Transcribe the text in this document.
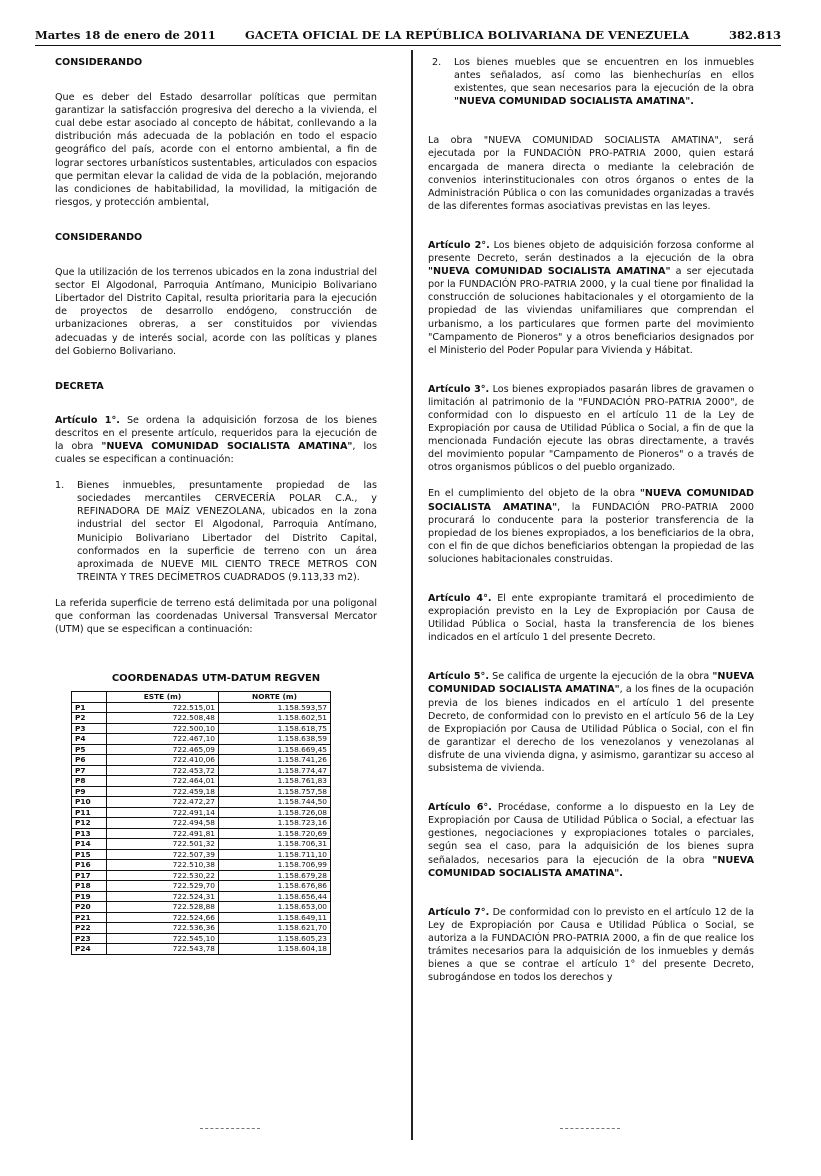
Martes 18 de enero de 2011	GACETA OFICIAL DE LA REPÚBLICA BOLIVARIANA DE VENEZUELA	382.813

CONSIDERANDO

Que es deber del Estado desarrollar políticas que permitan garantizar la satisfacción progresiva del derecho a la vivienda, el cual debe estar asociado al concepto de hábitat, conllevando a la distribución más adecuada de la población en todo el espacio geográfico del país, acorde con el entorno ambiental, a fin de lograr sectores urbanísticos sustentables, articulados con espacios que permitan elevar la calidad de vida de la población, mejorando las condiciones de habitabilidad, la movilidad, la mitigación de riesgos, y protección ambiental,

CONSIDERANDO

Que la utilización de los terrenos ubicados en la zona industrial del sector El Algodonal, Parroquia Antímano, Municipio Bolivariano Libertador del Distrito Capital, resulta prioritaria para la ejecución de proyectos de desarrollo endógeno, construcción de urbanizaciones obreras, a ser constituidos por viviendas adecuadas y de interés social, acorde con las políticas y planes del Gobierno Bolivariano.

DECRETA

Artículo 1°. Se ordena la adquisición forzosa de los bienes descritos en el presente artículo, requeridos para la ejecución de la obra "NUEVA COMUNIDAD SOCIALISTA AMATINA", los cuales se especifican a continuación:

1.	Bienes inmuebles, presuntamente propiedad de las sociedades mercantiles CERVECERÍA POLAR C.A., y REFINADORA DE MAÍZ VENEZOLANA, ubicados en la zona industrial del sector El Algodonal, Parroquia Antímano, Municipio Bolivariano Libertador del Distrito Capital, conformados en la superficie de terreno con un área aproximada de NUEVE MIL CIENTO TRECE METROS CON TREINTA Y TRES DECÍMETROS CUADRADOS (9.113,33 m2).

La referida superficie de terreno está delimitada por una poligonal que conforman las coordenadas Universal Transversal Mercator (UTM) que se especifican a continuación:

COORDENADAS UTM-DATUM REGVEN
	ESTE (m)	NORTE (m)
P1	722.515,01	1.158.593,57
P2	722.508,48	1.158.602,51
P3	722.500,10	1.158.618,75
P4	722.467,10	1.158.638,59
P5	722.465,09	1.158.669,45
P6	722.410,06	1.158.741,26
P7	722.453,72	1.158.774,47
P8	722.464,01	1.158.761,83
P9	722.459,18	1.158.757,58
P10	722.472,27	1.158.744,50
P11	722.491,14	1.158.726,08
P12	722.494,58	1.158.723,16
P13	722.491,81	1.158.720,69
P14	722.501,32	1.158.706,31
P15	722.507,39	1.158.711,10
P16	722.510,38	1.158.706,99
P17	722.530,22	1.158.679,28
P18	722.529,70	1.158.676,86
P19	722.524,31	1.158.656,44
P20	722.528,88	1.158.653,00
P21	722.524,66	1.158.649,11
P22	722.536,36	1.158.621,70
P23	722.545,10	1.158.605,23
P24	722.543,78	1.158.604,18
2.	Los bienes muebles que se encuentren en los inmuebles antes señalados, así como las bienhechurías en ellos existentes, que sean necesarios para la ejecución de la obra "NUEVA COMUNIDAD SOCIALISTA AMATINA".

La obra "NUEVA COMUNIDAD SOCIALISTA AMATINA", será ejecutada por la FUNDACIÓN PRO-PATRIA 2000, quien estará encargada de manera directa o mediante la celebración de convenios interinstitucionales con otros órganos o entes de la Administración Pública o con las comunidades organizadas a través de las diferentes formas asociativas previstas en las leyes.

Artículo 2°. Los bienes objeto de adquisición forzosa conforme al presente Decreto, serán destinados a la ejecución de la obra "NUEVA COMUNIDAD SOCIALISTA AMATINA" a ser ejecutada por la FUNDACIÓN PRO-PATRIA 2000, y la cual tiene por finalidad la construcción de soluciones habitacionales y el otorgamiento de la propiedad de las viviendas unifamiliares que comprendan el urbanismo, a los particulares que formen parte del movimiento "Campamento de Pioneros" y a otros beneficiarios designados por el Ministerio del Poder Popular para Vivienda y Hábitat.

Artículo 3°. Los bienes expropiados pasarán libres de gravamen o limitación al patrimonio de la "FUNDACIÓN PRO-PATRIA 2000", de conformidad con lo dispuesto en el artículo 11 de la Ley de Expropiación por causa de Utilidad Pública o Social, a fin de que la mencionada Fundación ejecute las obras directamente, a través del movimiento popular "Campamento de Pioneros" o a través de otros organismos públicos o del pueblo organizado.

En el cumplimiento del objeto de la obra "NUEVA COMUNIDAD SOCIALISTA AMATINA", la FUNDACIÓN PRO-PATRIA 2000 procurará lo conducente para la posterior transferencia de la propiedad de los bienes expropiados, a los beneficiarios de la obra, con el fin de que dichos beneficiarios obtengan la propiedad de las soluciones habitacionales construidas.

Artículo 4°. El ente expropiante tramitará el procedimiento de expropiación previsto en la Ley de Expropiación por Causa de Utilidad Pública o Social, hasta la transferencia de los bienes indicados en el artículo 1 del presente Decreto.

Artículo 5°. Se califica de urgente la ejecución de la obra "NUEVA COMUNIDAD SOCIALISTA AMATINA", a los fines de la ocupación previa de los bienes indicados en el artículo 1 del presente Decreto, de conformidad con lo previsto en el artículo 56 de la Ley de Expropiación por Causa de Utilidad Pública o Social, con el fin de garantizar el derecho de los venezolanos y venezolanas al disfrute de una vivienda digna, y asimismo, garantizar su acceso al subsistema de vivienda.

Artículo 6°. Procédase, conforme a lo dispuesto en la Ley de Expropiación por Causa de Utilidad Pública o Social, a efectuar las gestiones, negociaciones y expropiaciones totales o parciales, según sea el caso, para la adquisición de los bienes supra señalados, necesarios para la ejecución de la obra "NUEVA COMUNIDAD SOCIALISTA AMATINA".

Artículo 7°. De conformidad con lo previsto en el artículo 12 de la Ley de Expropiación por Causa e Utilidad Pública o Social, se autoriza a la FUNDACIÓN PRO-PATRIA 2000, a fin de que realice los trámites necesarios para la adquisición de los inmuebles y demás bienes a que se contrae el artículo 1° del presente Decreto, subrogándose en todos los derechos y
